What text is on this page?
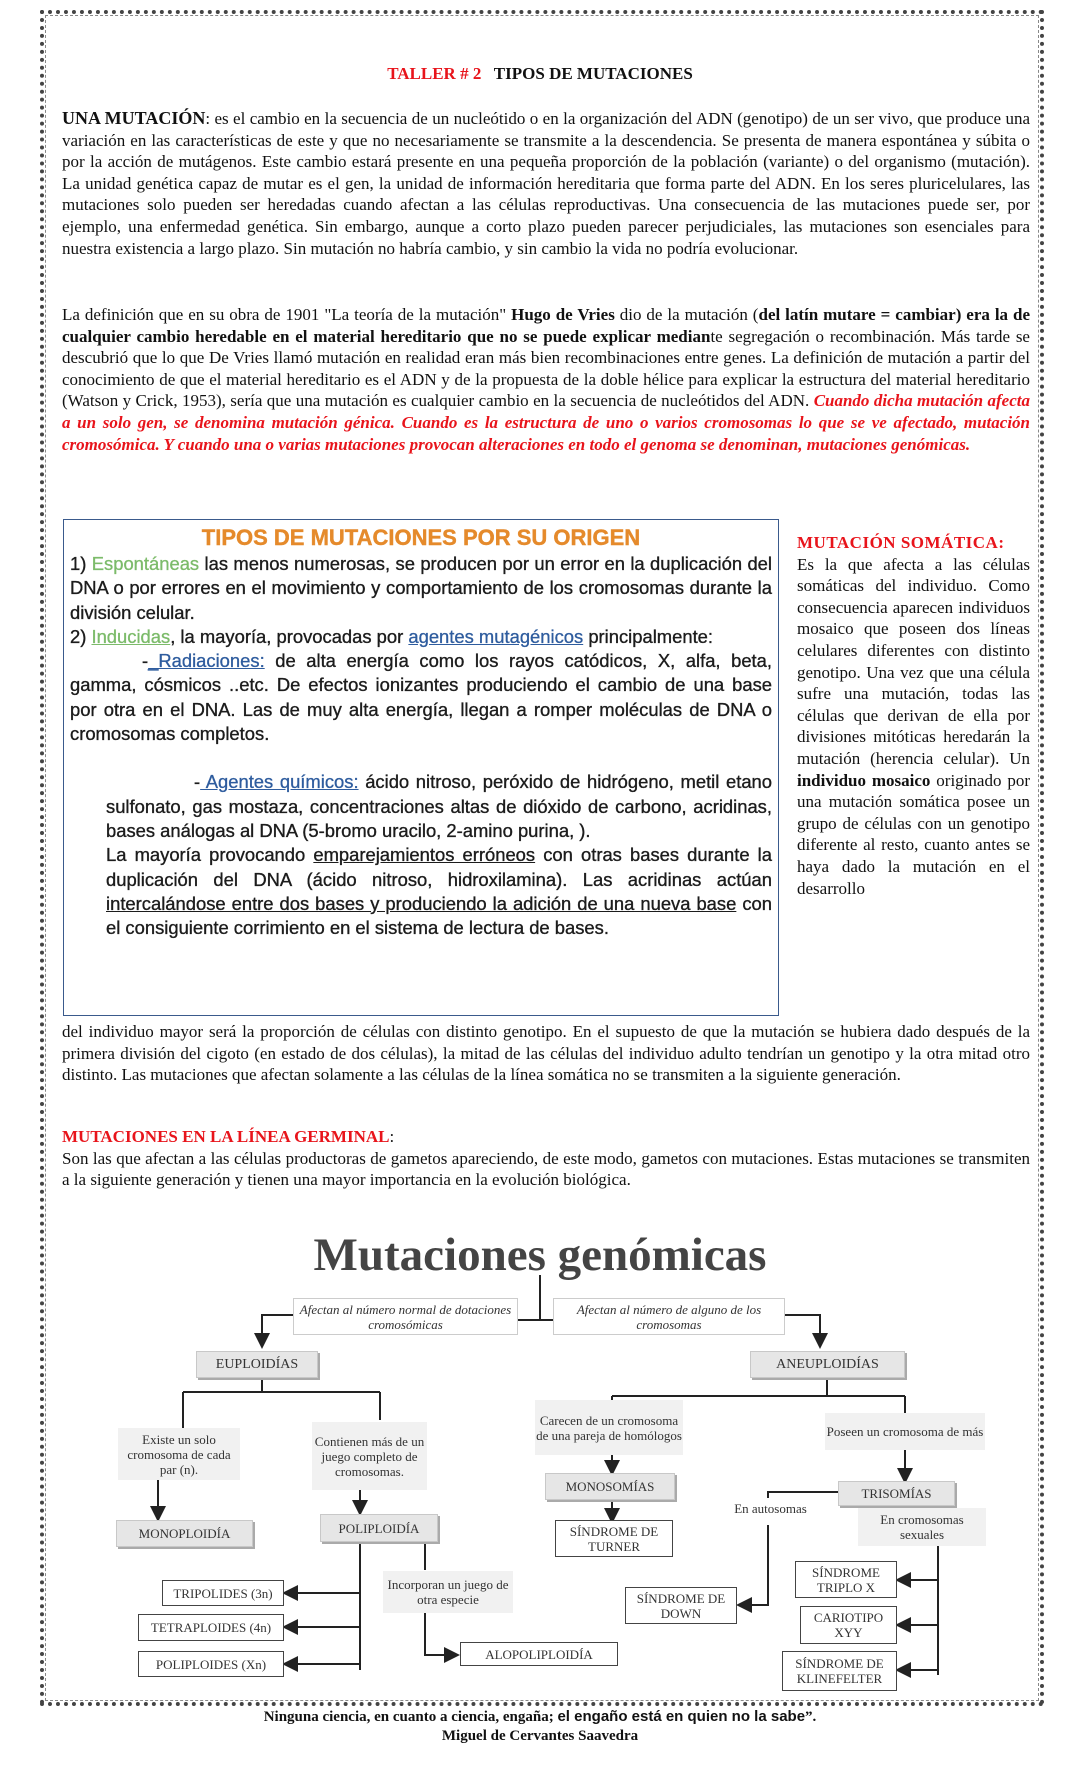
TALLER # 2 TIPOS DE MUTACIONES
UNA MUTACIÓN: es el cambio en la secuencia de un nucleótido o en la organización del ADN (genotipo) de un ser vivo, que produce una variación en las características de este y que no necesariamente se transmite a la descendencia. Se presenta de manera espontánea y súbita o por la acción de mutágenos. Este cambio estará presente en una pequeña proporción de la población (variante) o del organismo (mutación). La unidad genética capaz de mutar es el gen, la unidad de información hereditaria que forma parte del ADN. En los seres pluricelulares, las mutaciones solo pueden ser heredadas cuando afectan a las células reproductivas. Una consecuencia de las mutaciones puede ser, por ejemplo, una enfermedad genética. Sin embargo, aunque a corto plazo pueden parecer perjudiciales, las mutaciones son esenciales para nuestra existencia a largo plazo. Sin mutación no habría cambio, y sin cambio la vida no podría evolucionar.
La definición que en su obra de 1901 "La teoría de la mutación" Hugo de Vries dio de la mutación (del latín mutare = cambiar) era la de cualquier cambio heredable en el material hereditario que no se puede explicar mediante segregación o recombinación. Más tarde se descubrió que lo que De Vries llamó mutación en realidad eran más bien recombinaciones entre genes. La definición de mutación a partir del conocimiento de que el material hereditario es el ADN y de la propuesta de la doble hélice para explicar la estructura del material hereditario (Watson y Crick, 1953), sería que una mutación es cualquier cambio en la secuencia de nucleótidos del ADN. Cuando dicha mutación afecta a un solo gen, se denomina mutación génica. Cuando es la estructura de uno o varios cromosomas lo que se ve afectado, mutación cromosómica. Y cuando una o varias mutaciones provocan alteraciones en todo el genoma se denominan, mutaciones genómicas.
TIPOS DE MUTACIONES POR SU ORIGEN
1) Espontáneas las menos numerosas, se producen por un error en la duplicación del DNA o por errores en el movimiento y comportamiento de los cromosomas durante la división celular.
2) Inducidas, la mayoría, provocadas por agentes mutagénicos principalmente:
-_Radiaciones: de alta energía como los rayos catódicos, X, alfa, beta, gamma, cósmicos ..etc. De efectos ionizantes produciendo el cambio de una base por otra en el DNA. Las de muy alta energía, llegan a romper moléculas de DNA o cromosomas completos.
- Agentes químicos: ácido nitroso, peróxido de hidrógeno, metil etano sulfonato, gas mostaza, concentraciones altas de dióxido de carbono, acridinas, bases análogas al DNA (5-bromo uracilo, 2-amino purina, ).
La mayoría provocando emparejamientos erróneos con otras bases durante la duplicación del DNA (ácido nitroso, hidroxilamina). Las acridinas actúan intercalándose entre dos bases y produciendo la adición de una nueva base con el consiguiente corrimiento en el sistema de lectura de bases.
MUTACIÓN SOMÁTICA:
Es la que afecta a las células somáticas del individuo. Como consecuencia aparecen individuos mosaico que poseen dos líneas celulares diferentes con distinto genotipo. Una vez que una célula sufre una mutación, todas las células que derivan de ella por divisiones mitóticas heredarán la mutación (herencia celular). Un individuo mosaico originado por una mutación somática posee un grupo de células con un genotipo diferente al resto, cuanto antes se haya dado la mutación en el desarrollo
del individuo mayor será la proporción de células con distinto genotipo. En el supuesto de que la mutación se hubiera dado después de la primera división del cigoto (en estado de dos células), la mitad de las células del individuo adulto tendrían un genotipo y la otra mitad otro distinto. Las mutaciones que afectan solamente a las células de la línea somática no se transmiten a la siguiente generación.
MUTACIONES EN LA LÍNEA GERMINAL:
Son las que afectan a las células productoras de gametos apareciendo, de este modo, gametos con mutaciones. Estas mutaciones se transmiten a la siguiente generación y tienen una mayor importancia en la evolución biológica.
Mutaciones genómicas
Afectan al número normal de dotaciones cromosómicas
Afectan al número de alguno de los cromosomas
EUPLOIDÍAS	ANEUPLOIDÍAS
Existe un solo cromosoma de cada par (n).
Contienen más de un juego completo de cromosomas.
Carecen de un cromosoma de una pareja de homólogos	Poseen un cromosoma de más
MONOSOMÍAS	TRISOMÍAS
MONOPLOIDÍA	POLIPLOIDÍA	SÍNDROME DE TURNER
En autosomas
En cromosomas sexuales
TRIPOLIDES (3n)
Incorporan un juego de otra especie	SÍNDROME DE DOWN
SÍNDROME TRIPLO X
TETRAPLOIDES (4n)
CARIOTIPO XYY
POLIPLOIDES (Xn)
ALOPOLIPLOIDÍA
SÍNDROME DE KLINEFELTER
Ninguna ciencia, en cuanto a ciencia, engaña; el engaño está en quien no la sabe”.
Miguel de Cervantes Saavedra
